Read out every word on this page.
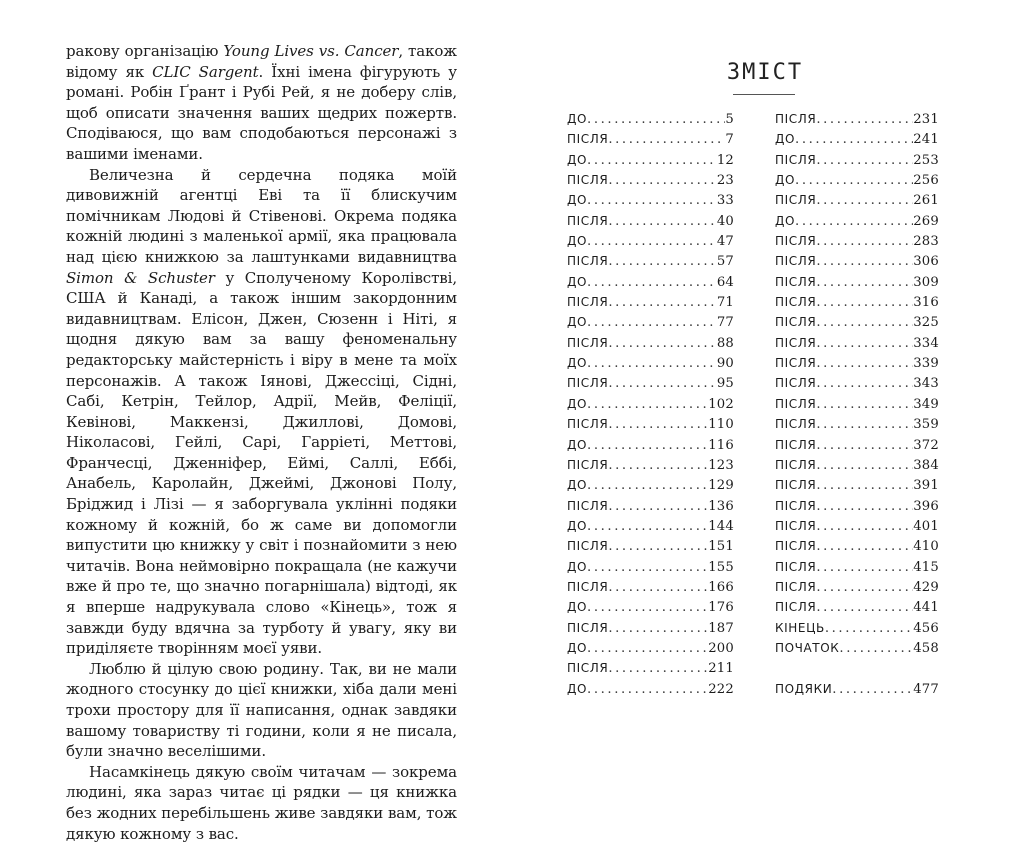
ракову організацію Young Lives vs. Cancer, також відому як CLIC Sargent. Їхні імена фігурують у романі. Робін Ґрант і Рубі Рей, я не доберу слів, щоб описати значення ваших щедрих пожертв. Сподіваюся, що вам сподобаються персонажі з вашими іменами.

Величезна й сердечна подяка моїй дивовижній агентці Еві та її блискучим помічникам Людові й Стівенові. Окрема подяка кожній людині з маленької армії, яка працювала над цією книжкою за лаштунками видавництва Simon & Schuster у Сполученому Королівстві, США й Канаді, а також іншим закордонним видавництвам. Елісон, Джен, Сюзенн і Ніті, я щодня дякую вам за вашу феноменальну редакторську майстерність і віру в мене та моїх персонажів. А також Іянові, Джессіці, Сідні, Сабі, Кетрін, Тейлор, Адрії, Мейв, Феліції, Кевінові, Маккензі, Джиллові, Домові, Ніколасові, Гейлі, Сарі, Гарріеті, Меттові, Франчесці, Дженніфер, Еймі, Саллі, Еббі, Анабель, Каролайн, Джеймі, Джонові Полу, Бріджид і Лізі — я заборгувала уклінні подяки кожному й кожній, бо ж саме ви допомогли випустити цю книжку у світ і познайомити з нею читачів. Вона неймовірно покращала (не кажучи вже й про те, що значно погарнішала) відтоді, як я вперше надрукувала слово «Кінець», тож я завжди буду вдячна за турботу й увагу, яку ви приділяєте творінням моєї уяви.

Люблю й цілую свою родину. Так, ви не мали жодного стосунку до цієї книжки, хіба дали мені трохи простору для її написання, однак завдяки вашому товариству ті години, коли я не писала, були значно веселішими.

Насамкінець дякую своїм читачам — зокрема людині, яка зараз читає ці рядки — ця книжка без жодних перебільшень живе завдяки вам, тож дякую кожному з вас.

ЗМІСТ
ДО .....	5
ПІСЛЯ .....	7
ДО .....	12
ПІСЛЯ .....	23
ДО .....	33
ПІСЛЯ .....	40
ДО .....	47
ПІСЛЯ .....	57
ДО .....	64
ПІСЛЯ .....	71
ДО .....	77
ПІСЛЯ .....	88
ДО .....	90
ПІСЛЯ .....	95
ДО .....	102
ПІСЛЯ .....	110
ДО .....	116
ПІСЛЯ .....	123
ДО .....	129
ПІСЛЯ .....	136
ДО .....	144
ПІСЛЯ .....	151
ДО .....	155
ПІСЛЯ .....	166
ДО .....	176
ПІСЛЯ .....	187
ДО .....	200
ПІСЛЯ .....	211
ДО .....	222
ПІСЛЯ .....	231
ДО .....	241
ПІСЛЯ .....	253
ДО .....	256
ПІСЛЯ .....	261
ДО .....	269
ПІСЛЯ .....	283
ПІСЛЯ .....	306
ПІСЛЯ .....	309
ПІСЛЯ .....	316
ПІСЛЯ .....	325
ПІСЛЯ .....	334
ПІСЛЯ .....	339
ПІСЛЯ .....	343
ПІСЛЯ .....	349
ПІСЛЯ .....	359
ПІСЛЯ .....	372
ПІСЛЯ .....	384
ПІСЛЯ .....	391
ПІСЛЯ .....	396
ПІСЛЯ .....	401
ПІСЛЯ .....	410
ПІСЛЯ .....	415
ПІСЛЯ .....	429
ПІСЛЯ .....	441
КІНЕЦЬ .....	456
ПОЧАТОК .....	458
ПОДЯКИ .....	477
